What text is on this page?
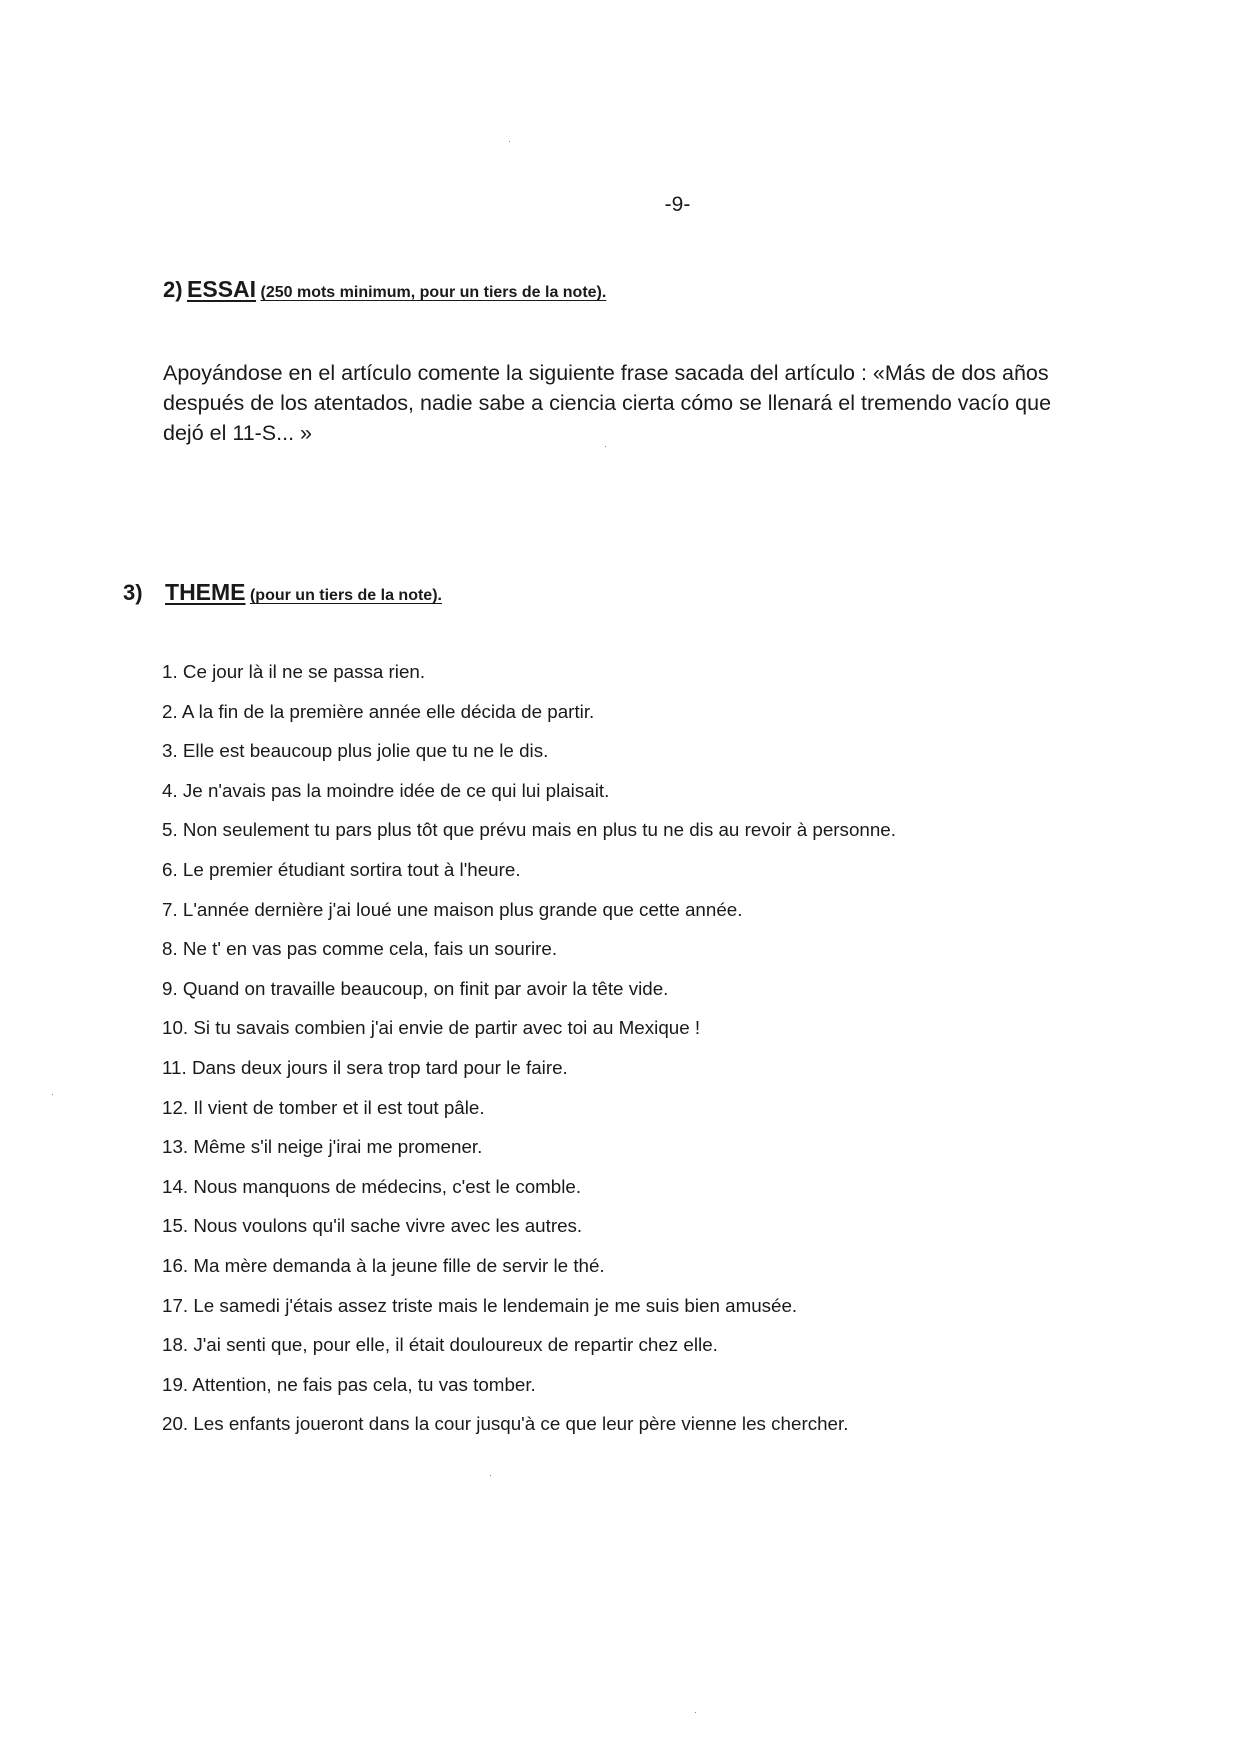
-9-
2) ESSAI (250 mots minimum, pour un tiers de la note).
Apoyándose en el artículo comente la siguiente frase sacada del artículo : «Más de dos años después de los atentados, nadie sabe a ciencia cierta cómo se llenará el tremendo vacío que dejó el 11-S... »
3) THEME (pour un tiers de la note).
1. Ce jour là il ne se passa rien.
2. A la fin de la première année elle décida de partir.
3. Elle est beaucoup plus jolie que tu ne le dis.
4. Je n'avais pas la moindre idée de ce qui lui plaisait.
5. Non seulement tu pars plus tôt que prévu mais en plus tu ne dis au revoir à personne.
6. Le premier étudiant sortira tout à l'heure.
7. L'année dernière j'ai loué une maison plus grande que cette année.
8. Ne t' en vas pas comme cela, fais un sourire.
9. Quand on travaille beaucoup, on finit par avoir la tête vide.
10. Si tu savais combien j'ai envie de partir avec toi au Mexique !
11. Dans deux jours il sera trop tard pour le faire.
12. Il vient de tomber et il est tout pâle.
13. Même s'il neige j'irai me promener.
14. Nous manquons de médecins, c'est le comble.
15. Nous voulons qu'il sache vivre avec les autres.
16. Ma mère demanda à la jeune fille de servir le thé.
17. Le samedi j'étais assez triste mais le lendemain je me suis bien amusée.
18. J'ai senti que, pour elle, il était douloureux de repartir chez elle.
19. Attention, ne fais pas cela, tu vas tomber.
20. Les enfants joueront dans la cour jusqu'à ce que leur père vienne les chercher.
